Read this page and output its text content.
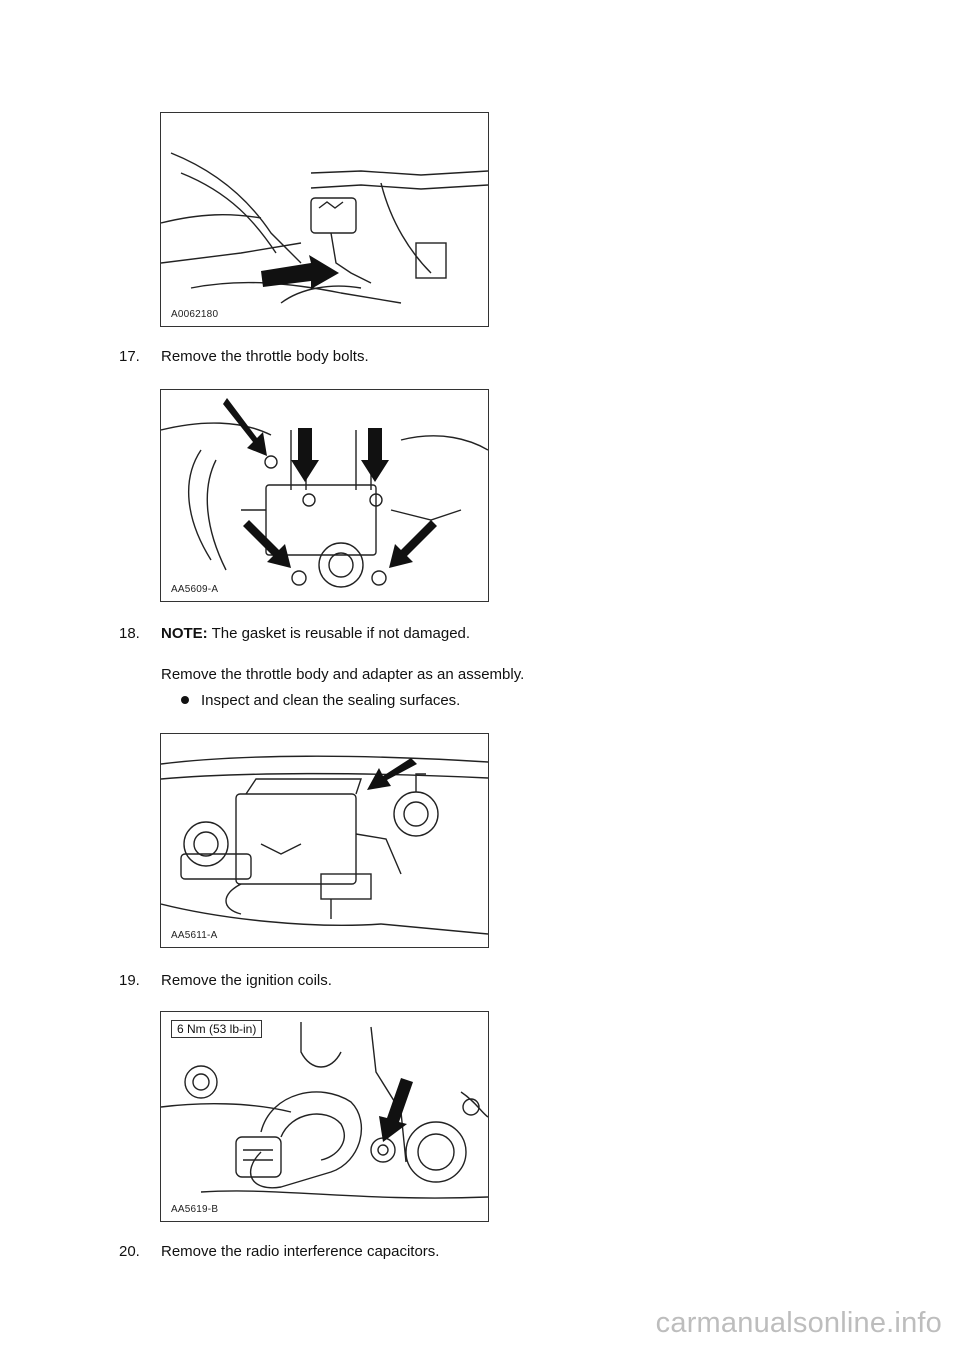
A0062180
17. Remove the throttle body bolts.
AA5609-A
18. NOTE: The gasket is reusable if not damaged.
Remove the throttle body and adapter as an assembly.
Inspect and clean the sealing surfaces.
AA5611-A
19. Remove the ignition coils.
6 Nm (53 lb-in)
AA5619-B
20. Remove the radio interference capacitors.
carmanualsonline.info
